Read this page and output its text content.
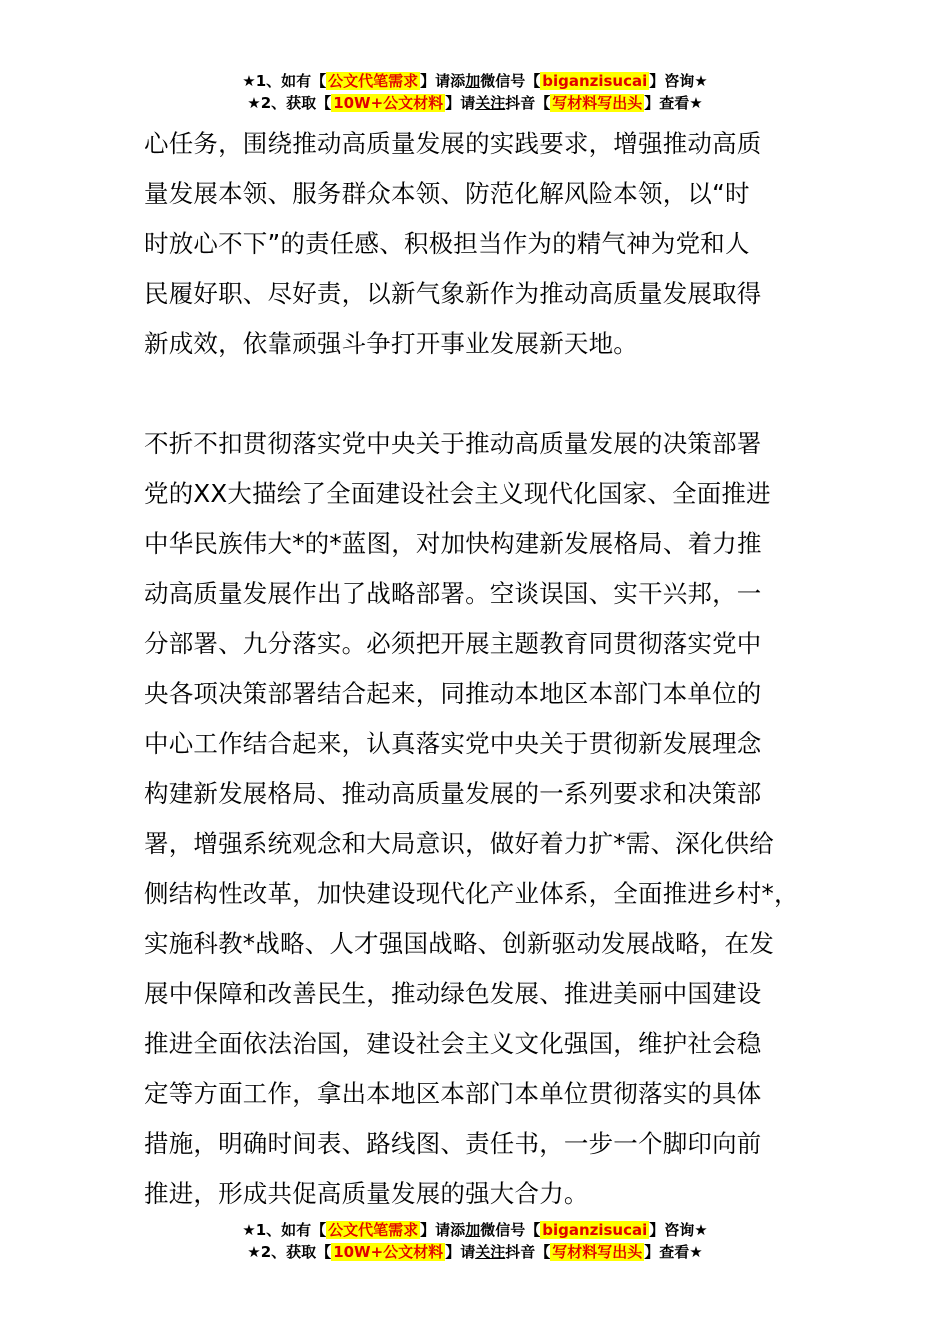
★1、如有【 公文代笔需求 】请添加微信号【 biganzisucai 】咨询★
★2、获取【 10W+公文材料 】请关注抖音【 写材料写出头 】查看★
心任务，围绕推动高质量发展的实践要求，增强推动高质
量发展本领、服务群众本领、防范化解风险本领，以“时
时放心不下”的责任感、积极担当作为的精气神为党和人
民履好职、尽好责，以新气象新作为推动高质量发展取得
新成效，依靠顽强斗争打开事业发展新天地。
不折不扣贯彻落实党中央关于推动高质量发展的决策部署
党的XX大描绘了全面建设社会主义现代化国家、全面推进
中华民族伟大*的*蓝图，对加快构建新发展格局、着力推
动高质量发展作出了战略部署。空谈误国、实干兴邦，一
分部署、九分落实。必须把开展主题教育同贯彻落实党中
央各项决策部署结合起来，同推动本地区本部门本单位的
中心工作结合起来，认真落实党中央关于贯彻新发展理念
构建新发展格局、推动高质量发展的一系列要求和决策部
署，增强系统观念和大局意识，做好着力扩*需、深化供给
侧结构性改革，加快建设现代化产业体系，全面推进乡村*，
实施科教*战略、人才强国战略、创新驱动发展战略，在发
展中保障和改善民生，推动绿色发展、推进美丽中国建设
推进全面依法治国，建设社会主义文化强国，维护社会稳
定等方面工作，拿出本地区本部门本单位贯彻落实的具体
措施，明确时间表、路线图、责任书，一步一个脚印向前
推进，形成共促高质量发展的强大合力。
★1、如有【 公文代笔需求 】请添加微信号【 biganzisucai 】咨询★
★2、获取【 10W+公文材料 】请关注抖音【 写材料写出头 】查看★
